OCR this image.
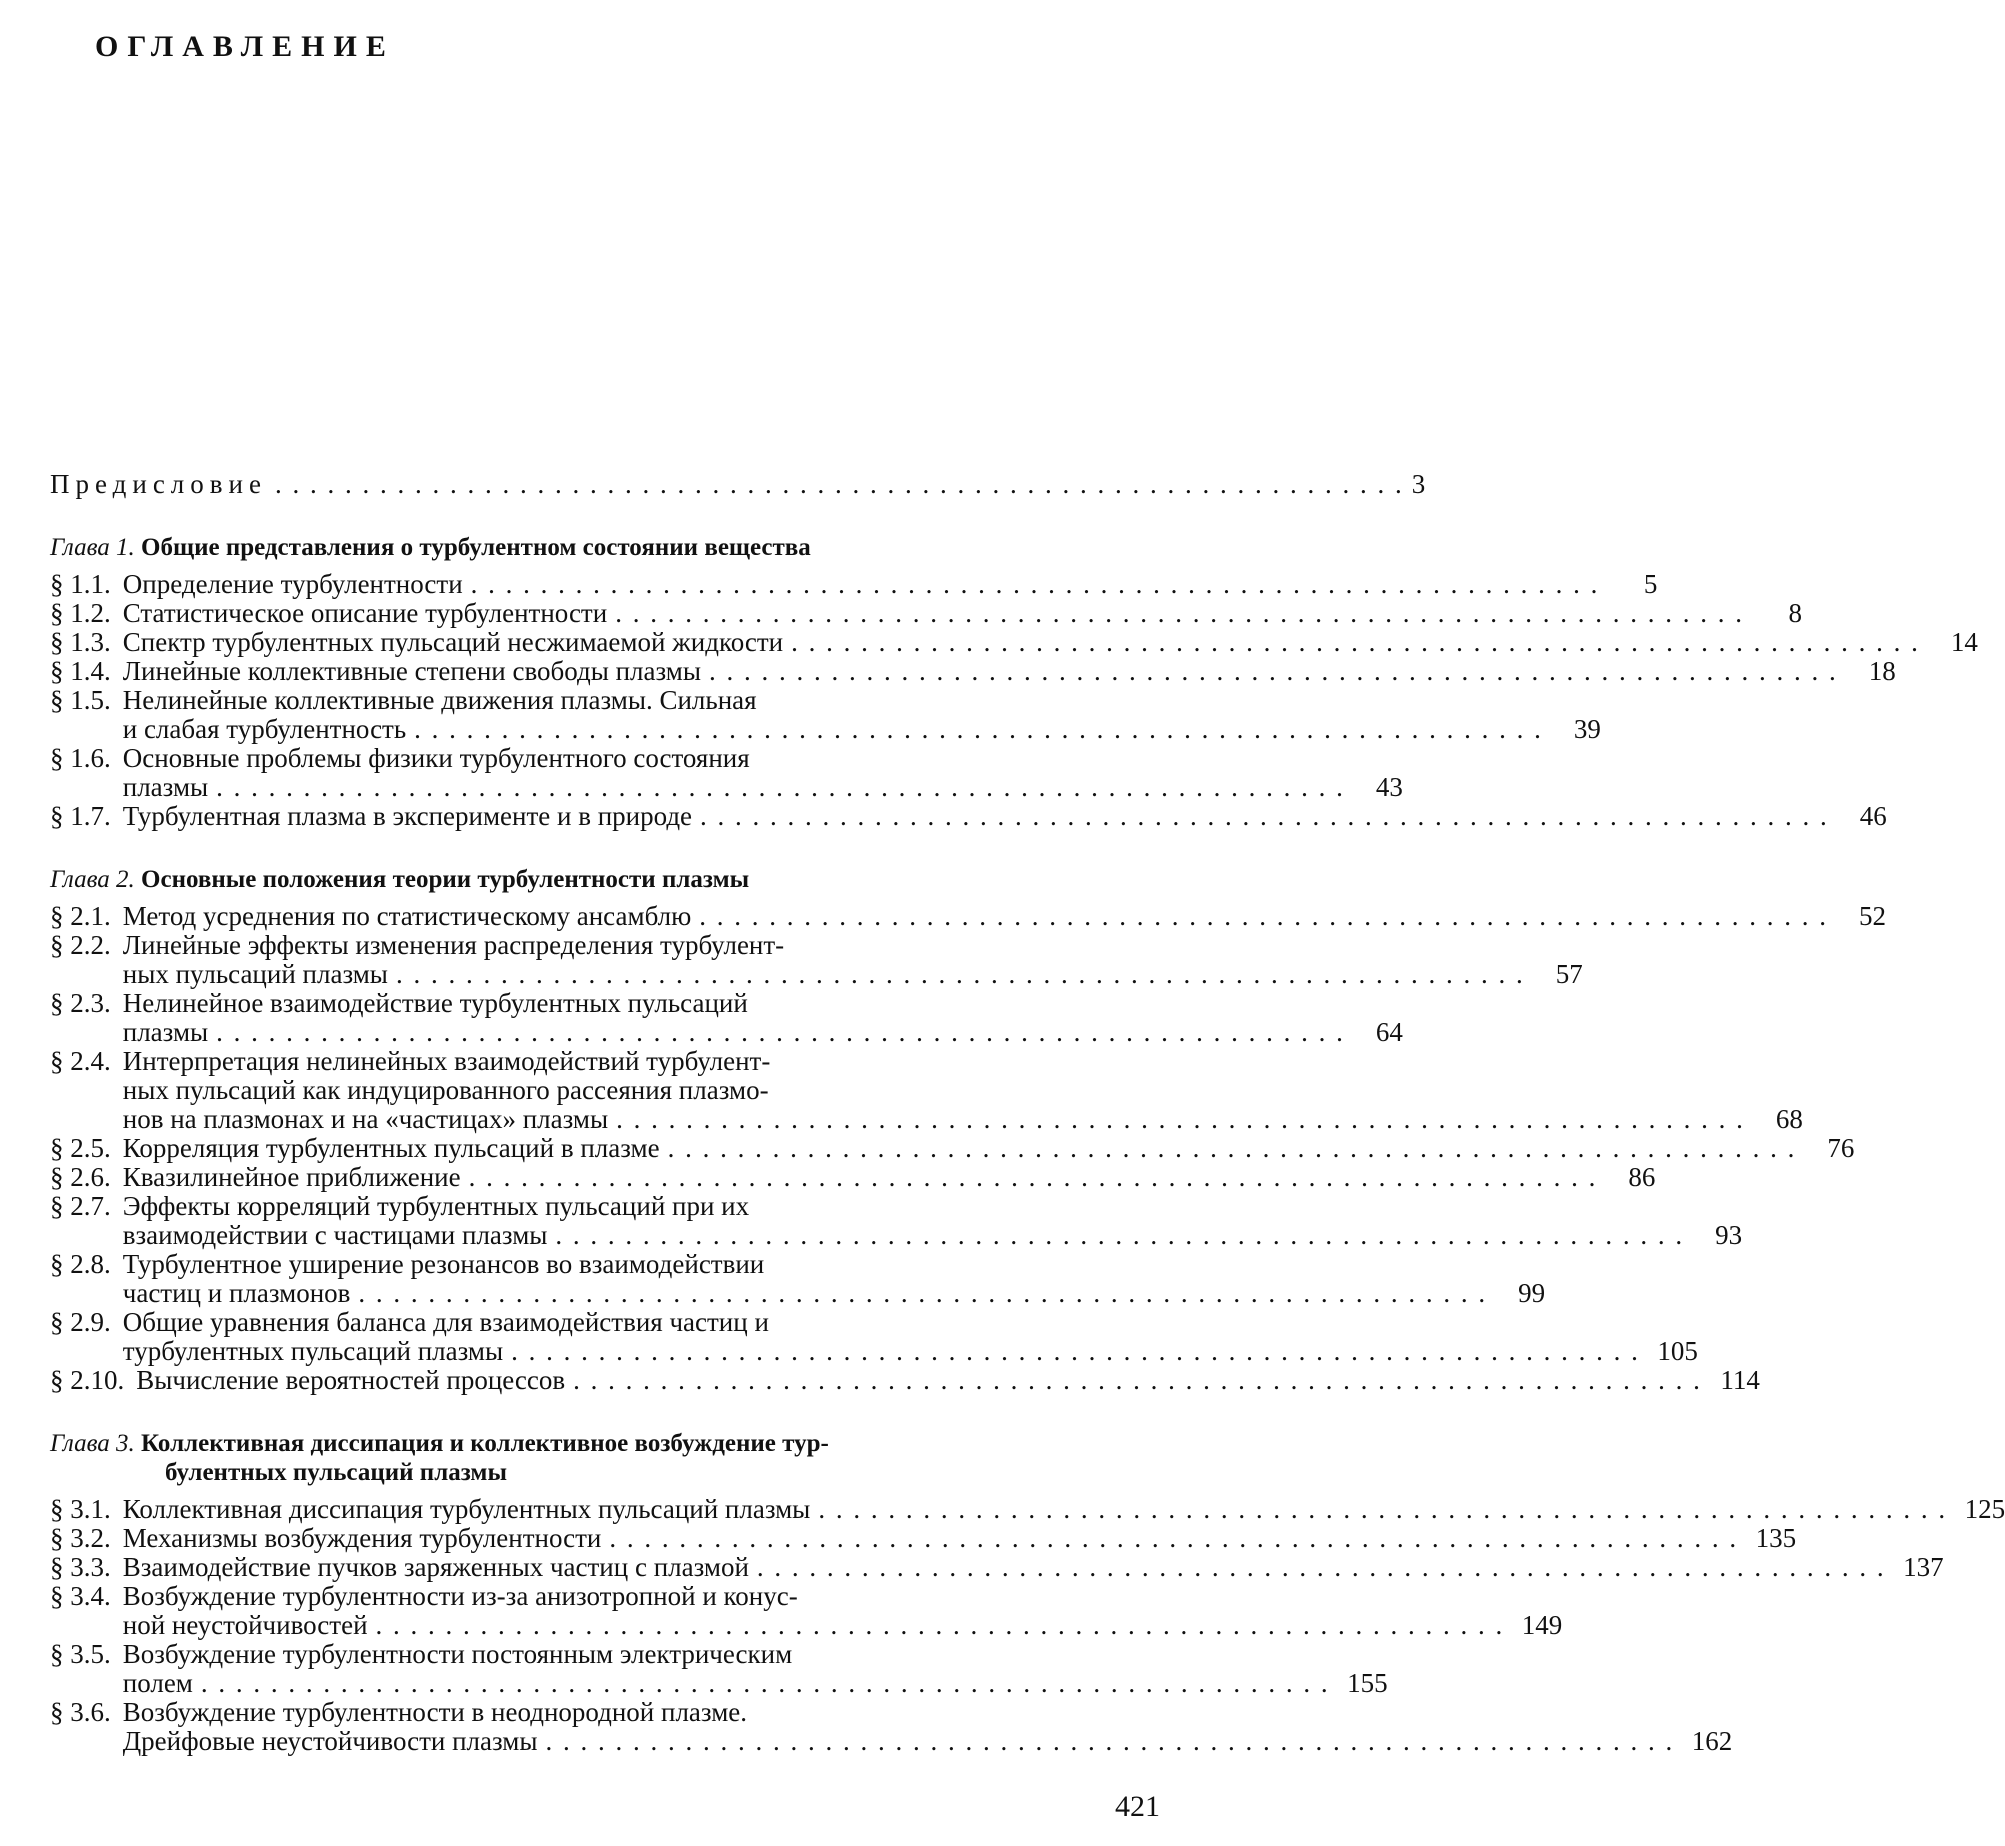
ОГЛАВЛЕНИЕ
Предисловие . . .	3
Глава 1.
Общие представления о турбулентном состоянии вещества
§ 1.1. Определение турбулентности . . .	5
§ 1.2. Статистическое описание турбулентности . . .	8
§ 1.3. Спектр турбулентных пульсаций несжимаемой жидкости . . .	14
§ 1.4. Линейные коллективные степени свободы плазмы . . .	18
§ 1.5. Нелинейные коллективные движения плазмы. Сильная
и слабая турбулентность . . .	39
§ 1.6. Основные проблемы физики турбулентного состояния
плазмы . . .	43
§ 1.7. Турбулентная плазма в эксперименте и в природе . . .	46
Глава 2.
Основные положения теории турбулентности плазмы
§ 2.1. Метод усреднения по статистическому ансамблю . . .	52
§ 2.2. Линейные эффекты изменения распределения турбулент-
ных пульсаций плазмы . . .	57
§ 2.3. Нелинейное взаимодействие турбулентных пульсаций
плазмы . . .	64
§ 2.4. Интерпретация нелинейных взаимодействий турбулент-
ных пульсаций как индуцированного рассеяния плазмо-
нов на плазмонах и на «частицах» плазмы . . .	68
§ 2.5. Корреляция турбулентных пульсаций в плазме . . .	76
§ 2.6. Квазилинейное приближение . . .	86
§ 2.7. Эффекты корреляций турбулентных пульсаций при их
взаимодействии с частицами плазмы . . .	93
§ 2.8. Турбулентное уширение резонансов во взаимодействии
частиц и плазмонов . . .	99
§ 2.9. Общие уравнения баланса для взаимодействия частиц и
турбулентных пульсаций плазмы . . .	105
§ 2.10. Вычисление вероятностей процессов . . .	114
Глава 3.
Коллективная диссипация и коллективное возбуждение тур-
булентных пульсаций плазмы
§ 3.1. Коллективная диссипация турбулентных пульсаций плазмы . . .	125
§ 3.2. Механизмы возбуждения турбулентности . . .	135
§ 3.3. Взаимодействие пучков заряженных частиц с плазмой . . .	137
§ 3.4. Возбуждение турбулентности из-за анизотропной и конус-
ной неустойчивостей . . .	149
§ 3.5. Возбуждение турбулентности постоянным электрическим
полем . . .	155
§ 3.6. Возбуждение турбулентности в неоднородной плазме.
Дрейфовые неустойчивости плазмы . . .	162
421
